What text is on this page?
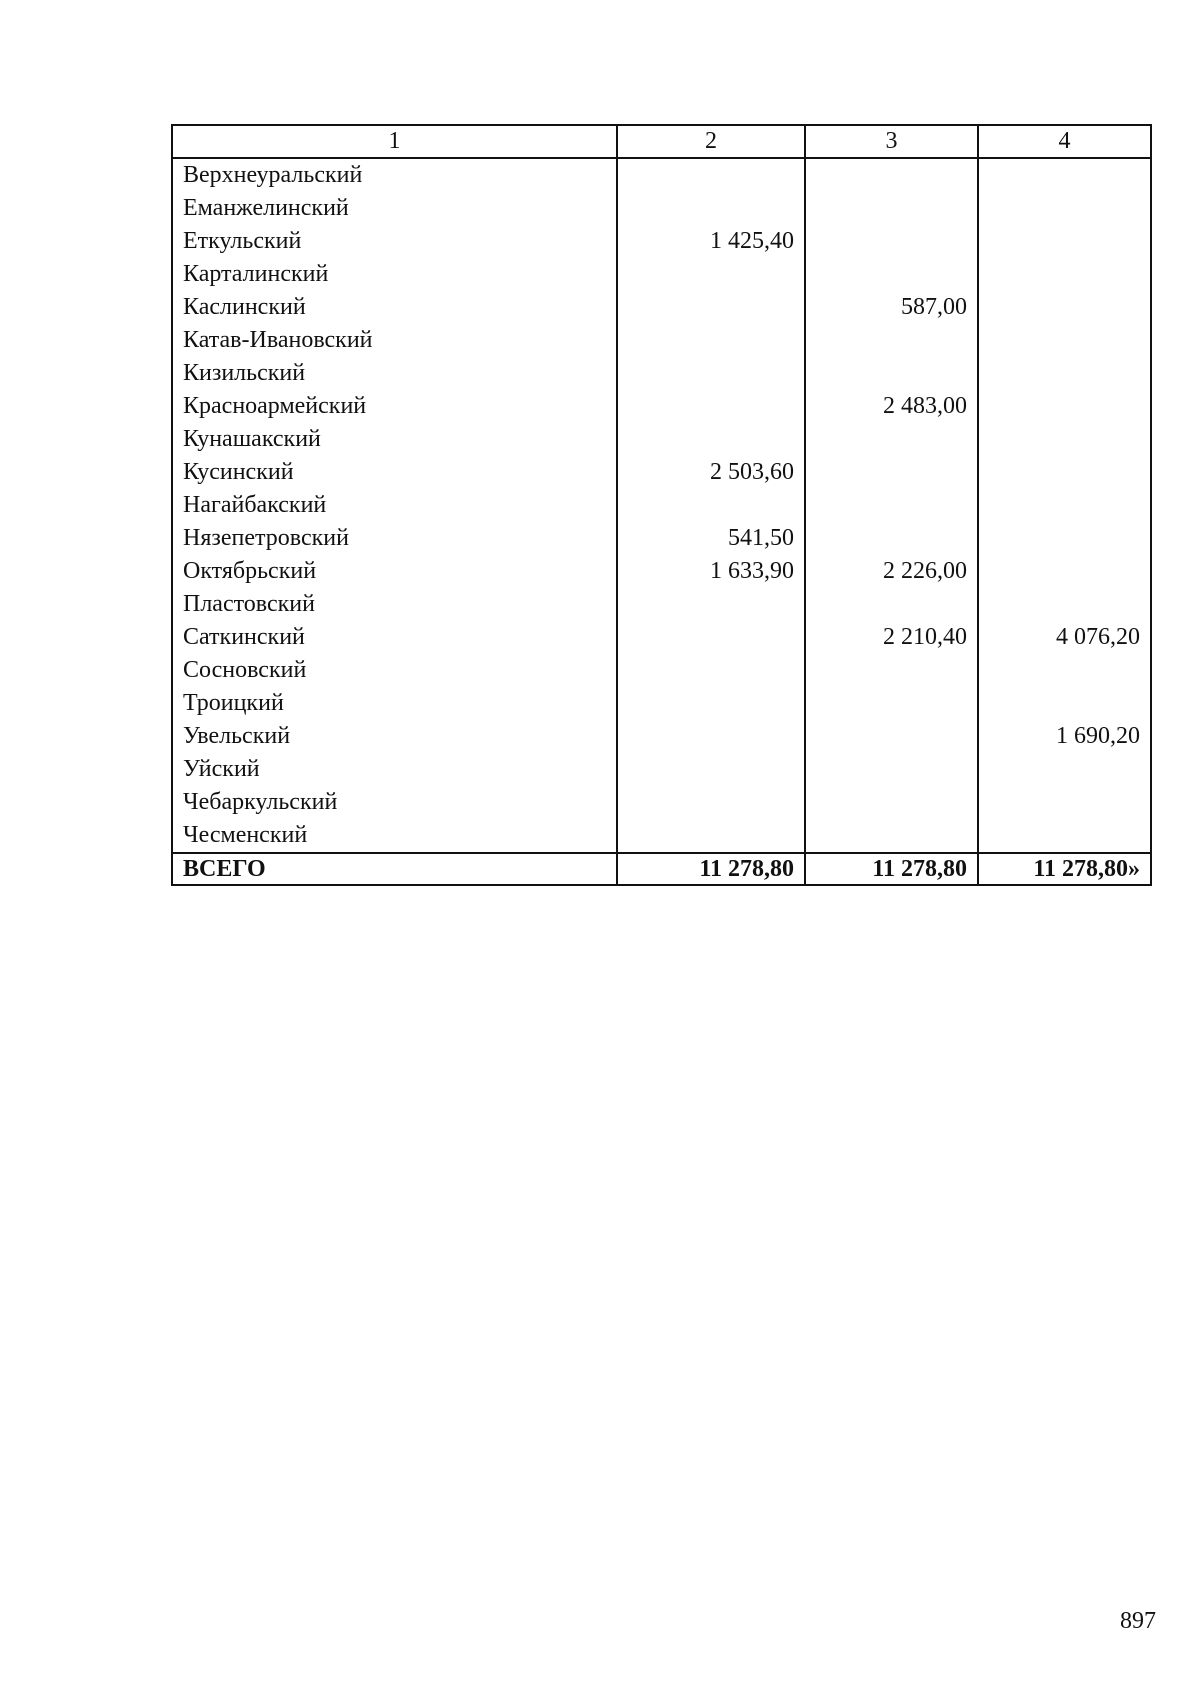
1	2	3	4
Верхнеуральский			
Еманжелинский			
Еткульский	1 425,40		
Карталинский			
Каслинский		587,00	
Катав-Ивановский			
Кизильский			
Красноармейский		2 483,00	
Кунашакский			
Кусинский	2 503,60		
Нагайбакский			
Нязепетровский	541,50		
Октябрьский	1 633,90	2 226,00	
Пластовский			
Саткинский		2 210,40	4 076,20
Сосновский			
Троицкий			
Увельский			1 690,20
Уйский			
Чебаркульский			
Чесменский			
ВСЕГО	11 278,80	11 278,80	11 278,80»
897
